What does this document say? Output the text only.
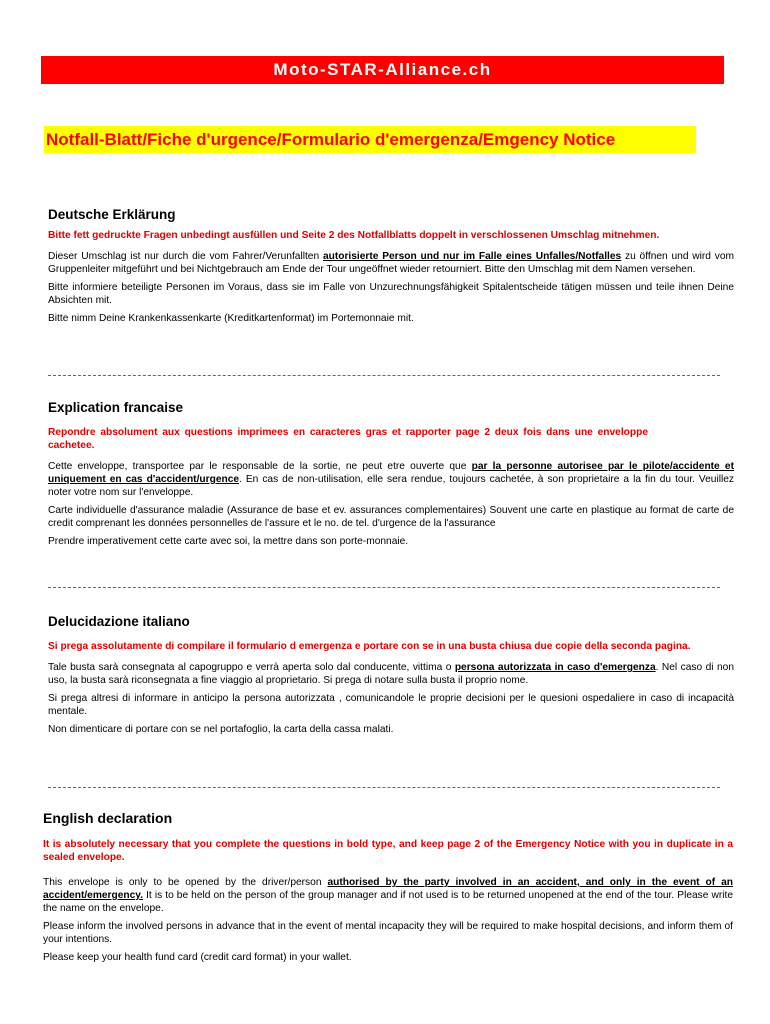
Moto-STAR-Alliance.ch
Notfall-Blatt/Fiche d'urgence/Formulario d'emergenza/Emgency Notice
Deutsche Erklärung
Bitte fett gedruckte Fragen unbedingt ausfüllen und Seite 2 des Notfallblatts doppelt in verschlossenen Umschlag mitnehmen.
Dieser Umschlag ist nur durch die vom Fahrer/Verunfallten autorisierte Person und nur im Falle eines Unfalles/Notfalles zu öffnen und wird vom Gruppenleiter mitgeführt und bei Nichtgebrauch am Ende der Tour ungeöffnet wieder retourniert. Bitte den Umschlag mit dem Namen versehen.
Bitte informiere beteiligte Personen im Voraus, dass sie im Falle von Unzurechnungsfähigkeit Spitalentscheide tätigen müssen und teile ihnen Deine Absichten mit.
Bitte nimm Deine Krankenkassenkarte (Kreditkartenformat) im Portemonnaie mit.
Explication francaise
Repondre absolument aux questions imprimees en caracteres gras et rapporter page 2 deux fois dans une enveloppe cachetee.
Cette enveloppe, transportee par le responsable de la sortie, ne peut etre ouverte que par la personne autorisee par le pilote/accidente et uniquement en cas d'accident/urgence. En cas de non-utilisation, elle sera rendue, toujours cachetée, à son proprietaire a la fin du tour. Veuillez noter votre nom sur l'enveloppe.
Carte individuelle d'assurance maladie (Assurance de base et ev. assurances complementaires) Souvent une carte en plastique au format de carte de credit comprenant les données personnelles de l'assure et le no. de tel. d'urgence de la l'assurance
Prendre imperativement cette carte avec soi, la mettre dans son porte-monnaie.
Delucidazione italiano
Si prega assolutamente di compilare il formulario d emergenza e portare con se in una busta chiusa due copie della seconda pagina.
Tale busta sarà consegnata al capogruppo e verrà aperta solo dal conducente, vittima o persona autorizzata in caso d'emergenza. Nel caso di non uso, la busta sarà riconsegnata a fine viaggio al proprietario. Si prega di notare sulla busta il proprio nome.
Si prega altresi di informare in anticipo la persona autorizzata , comunicandole le proprie decisioni per le quesioni ospedaliere in caso di incapacità mentale.
Non dimenticare di portare con se nel portafoglio, la carta della cassa malati.
English declaration
It is absolutely necessary that you complete the questions in bold type, and keep page 2 of the Emergency Notice with you in duplicate in a sealed envelope.
This envelope is only to be opened by the driver/person authorised by the party involved in an accident, and only in the event of an accident/emergency. It is to be held on the person of the group manager and if not used is to be returned unopened at the end of the tour. Please write the name on the envelope.
Please inform the involved persons in advance that in the event of mental incapacity they will be required to make hospital decisions, and inform them of your intentions.
Please keep your health fund card (credit card format) in your wallet.
